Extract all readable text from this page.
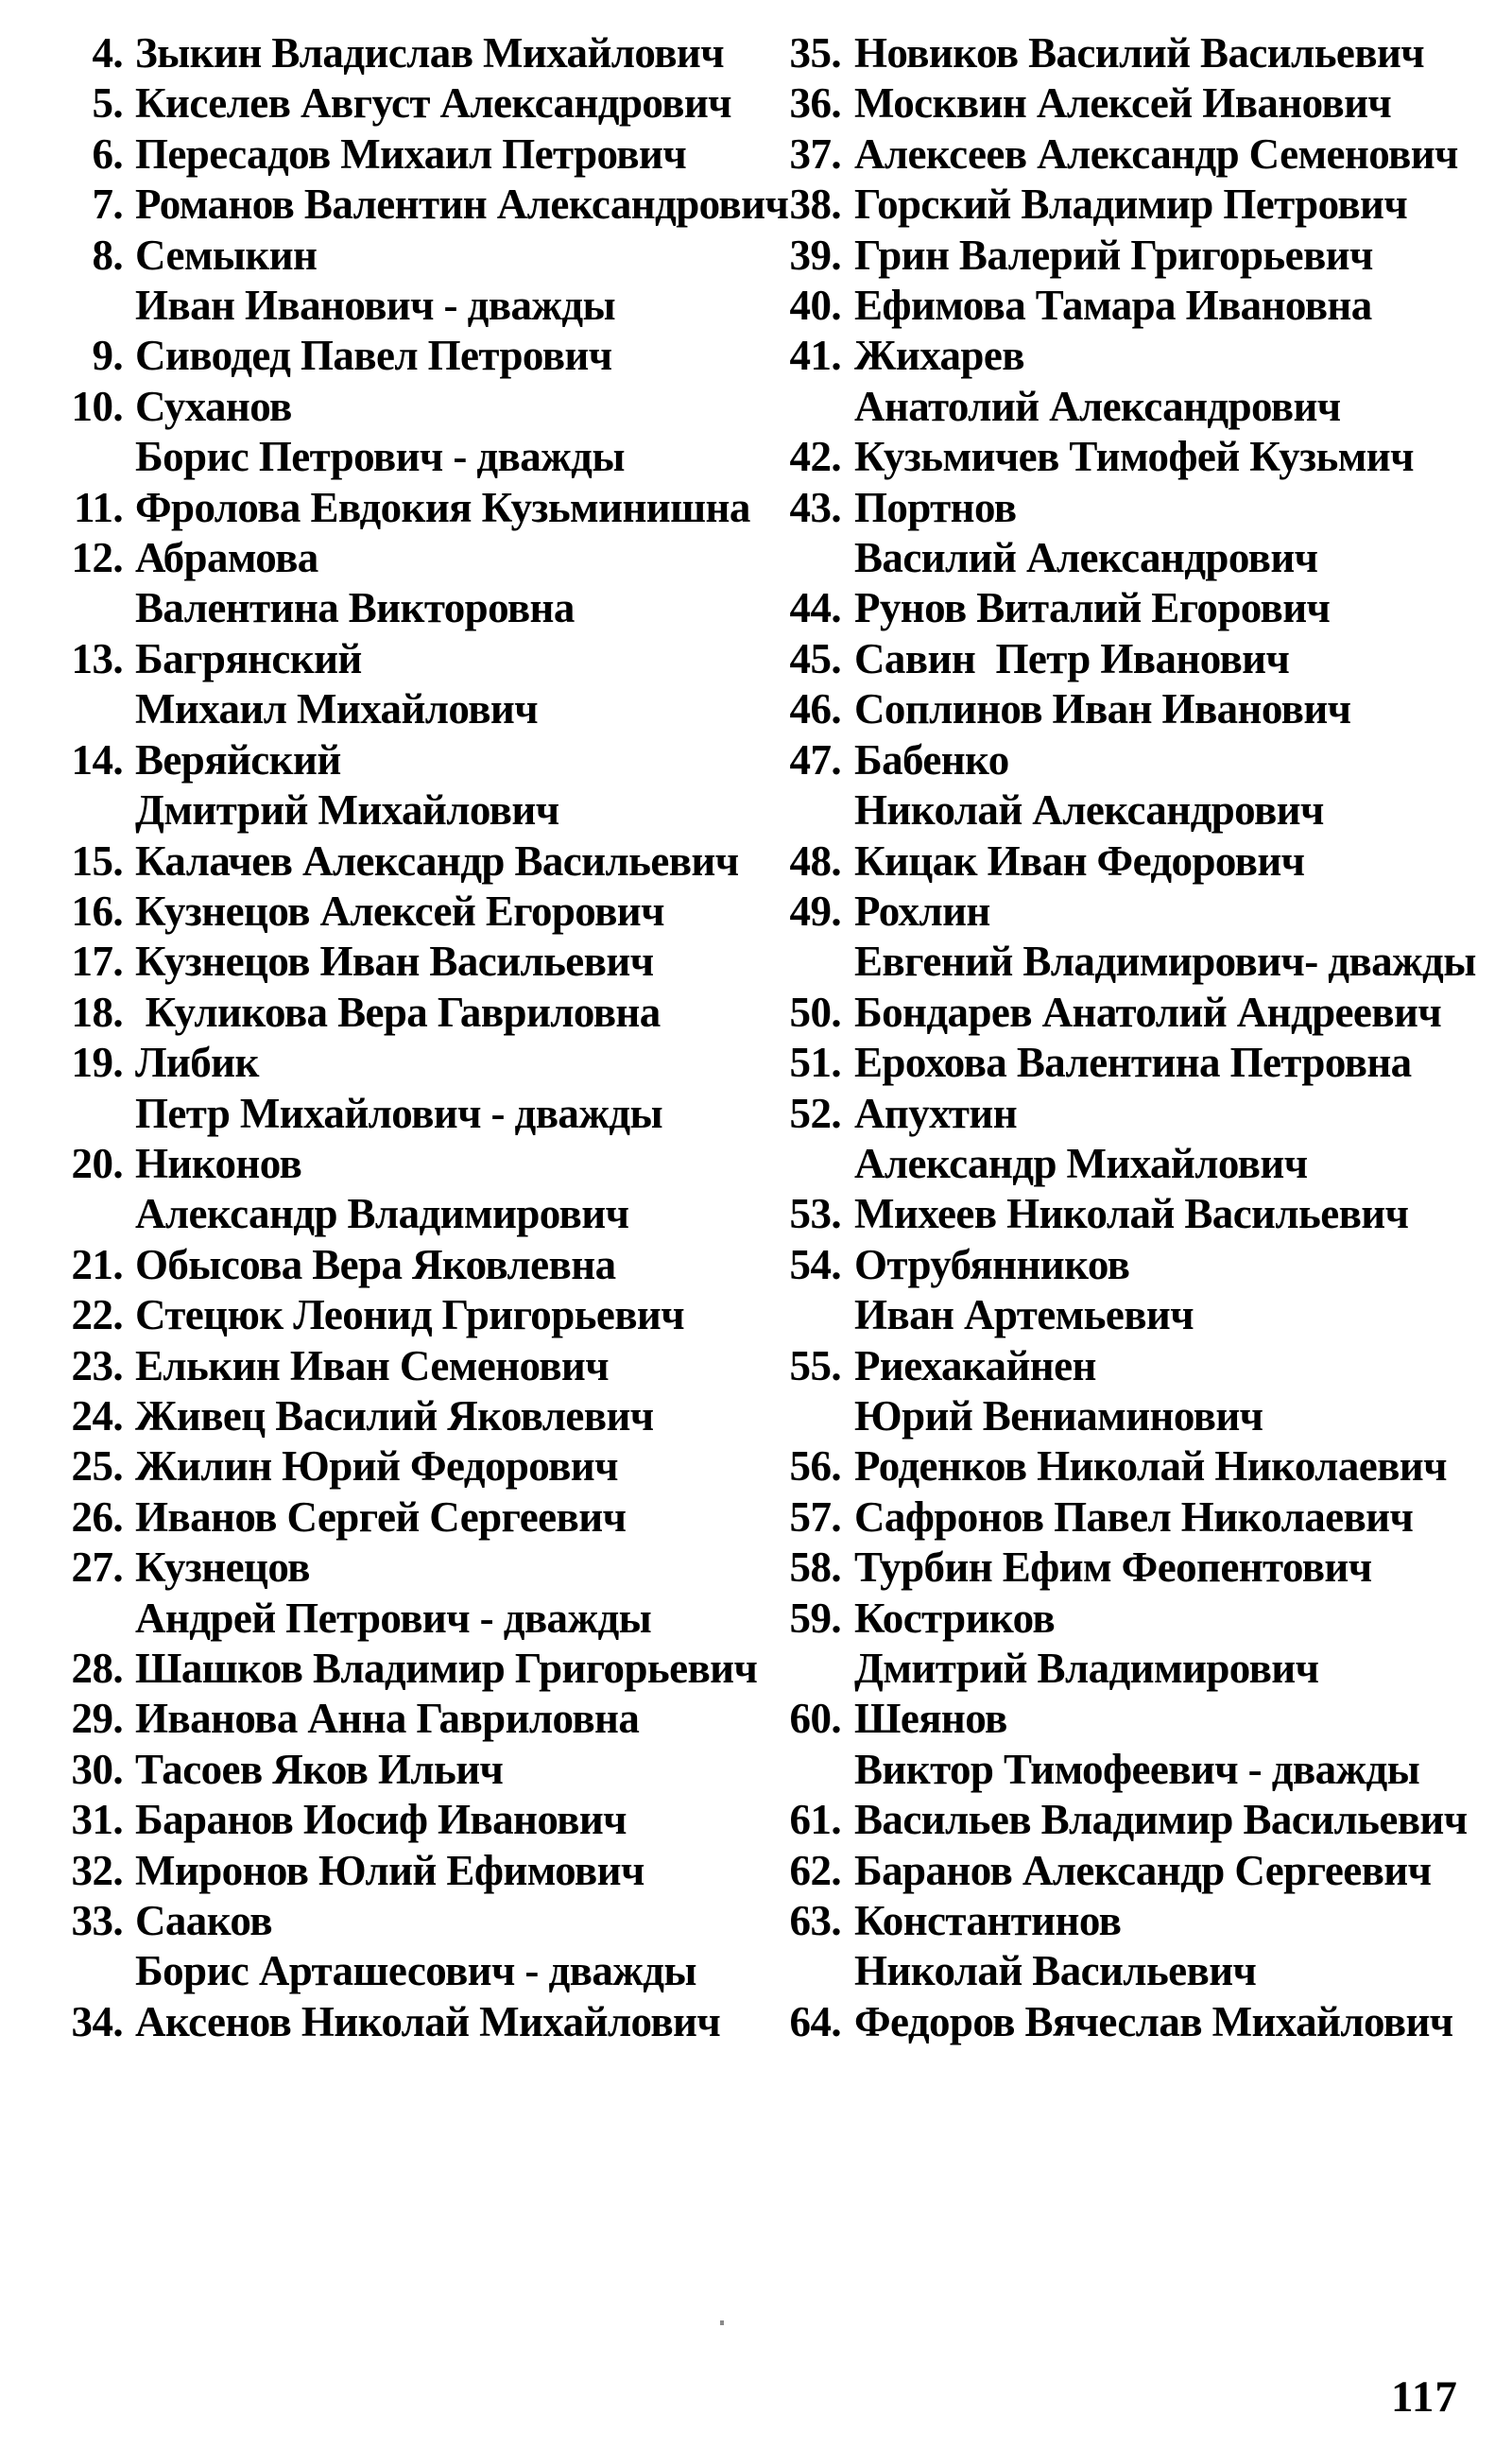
4. Зыкин Владислав Михайлович
5. Киселев Август Александрович
6. Пересадов Михаил Петрович
7. Романов Валентин Александрович
8. Семыкин
Иван Иванович - дважды
9. Сиводед Павел Петрович
10. Суханов
Борис Петрович - дважды
11. Фролова Евдокия Кузьминишна
12. Абрамова
Валентина Викторовна
13. Багрянский
Михаил Михайлович
14. Веряйский
Дмитрий Михайлович
15. Калачев Александр Васильевич
16. Кузнецов Алексей Егорович
17. Кузнецов Иван Васильевич
18. Куликова Вера Гавриловна
19. Либик
Петр Михайлович - дважды
20. Никонов
Александр Владимирович
21. Обысова Вера Яковлевна
22. Стецюк Леонид Григорьевич
23. Елькин Иван Семенович
24. Живец Василий Яковлевич
25. Жилин Юрий Федорович
26. Иванов Сергей Сергеевич
27. Кузнецов
Андрей Петрович - дважды
28. Шашков Владимир Григорьевич
29. Иванова Анна Гавриловна
30. Тасоев Яков Ильич
31. Баранов Иосиф Иванович
32. Миронов Юлий Ефимович
33. Сааков
Борис Арташесович - дважды
34. Аксенов Николай Михайлович
35. Новиков Василий Васильевич
36. Москвин Алексей Иванович
37. Алексеев Александр Семенович
38. Горский Владимир Петрович
39. Грин Валерий Григорьевич
40. Ефимова Тамара Ивановна
41. Жихарев
Анатолий Александрович
42. Кузьмичев Тимофей Кузьмич
43. Портнов
Василий Александрович
44. Рунов Виталий Егорович
45. Савин  Петр Иванович
46. Соплинов Иван Иванович
47. Бабенко
Николай Александрович
48. Кицак Иван Федорович
49. Рохлин
Евгений Владимирович- дважды
50. Бондарев Анатолий Андреевич
51. Ерохова Валентина Петровна
52. Апухтин
Александр Михайлович
53. Михеев Николай Васильевич
54. Отрубянников
Иван Артемьевич
55. Риехакайнен
Юрий Вениаминович
56. Роденков Николай Николаевич
57. Сафронов Павел Николаевич
58. Турбин Ефим Феопентович
59. Костриков
Дмитрий Владимирович
60. Шеянов
Виктор Тимофеевич - дважды
61. Васильев Владимир Васильевич
62. Баранов Александр Сергеевич
63. Константинов
Николай Васильевич
64. Федоров Вячеслав Михайлович
117
